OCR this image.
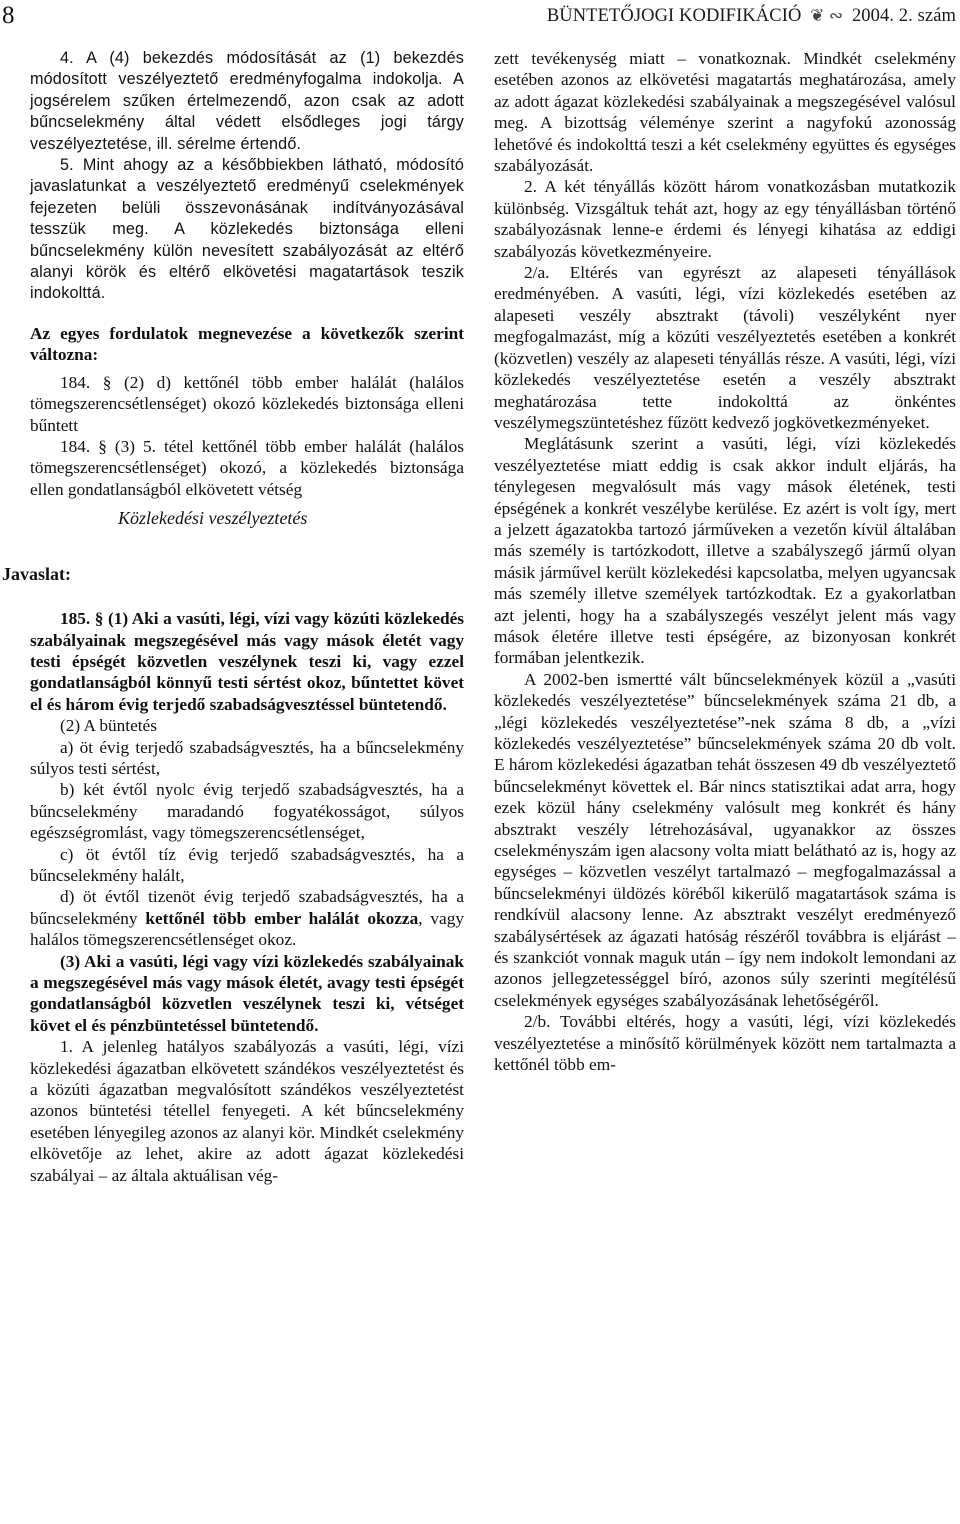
8	BÜNTETŐJOGI KODIFIKÁCIÓ ❦ ∾ 2004. 2. szám

4. A (4) bekezdés módosítását az (1) bekezdés módosított veszélyeztető eredményfogalma indokolja. A jogsérelem szűken értelmezendő, azon csak az adott bűncselekmény által védett elsődleges jogi tárgy veszélyeztetése, ill. sérelme értendő.

5. Mint ahogy az a későbbiekben látható, módosító javaslatunkat a veszélyeztető eredményű cselekmények fejezeten belüli összevonásának indítványozásával tesszük meg. A közlekedés biztonsága elleni bűncselekmény külön nevesített szabályozását az eltérő alanyi körök és eltérő elkövetési magatartások teszik indokolttá.

Az egyes fordulatok megnevezése a következők szerint változna:

184. § (2) d) kettőnél több ember halálát (halálos tömegszerencsétlenséget) okozó közlekedés biztonsága elleni bűntett

184. § (3) 5. tétel kettőnél több ember halálát (halálos tömegszerencsétlenséget) okozó, a közlekedés biztonsága ellen gondatlanságból elkövetett vétség

Közlekedési veszélyeztetés
Javaslat:

185. § (1) Aki a vasúti, légi, vízi vagy közúti közlekedés szabályainak megszegésével más vagy mások életét vagy testi épségét közvetlen veszélynek teszi ki, vagy ezzel gondatlanságból könnyű testi sértést okoz, bűntettet követ el és három évig terjedő szabadságvesztéssel büntetendő.

(2) A büntetés

a) öt évig terjedő szabadságvesztés, ha a bűncselekmény súlyos testi sértést,

b) két évtől nyolc évig terjedő szabadságvesztés, ha a bűncselekmény maradandó fogyatékosságot, súlyos egészségromlást, vagy tömegszerencsétlenséget,

c) öt évtől tíz évig terjedő szabadságvesztés, ha a bűncselekmény halált,

d) öt évtől tizenöt évig terjedő szabadságvesztés, ha a bűncselekmény kettőnél több ember halálát okozza, vagy halálos tömegszerencsétlenséget okoz.

(3) Aki a vasúti, légi vagy vízi közlekedés szabályainak a megszegésével más vagy mások életét, avagy testi épségét gondatlanságból közvetlen veszélynek teszi ki, vétséget követ el és pénzbüntetéssel büntetendő.

1. A jelenleg hatályos szabályozás a vasúti, légi, vízi közlekedési ágazatban elkövetett szándékos veszélyeztetést és a közúti ágazatban megvalósított szándékos veszélyeztetést azonos büntetési tétellel fenyegeti. A két bűncselekmény esetében lényegileg azonos az alanyi kör. Mindkét cselekmény elkövetője az lehet, akire az adott ágazat közlekedési szabályai – az általa aktuálisan vég-

zett tevékenység miatt – vonatkoznak. Mindkét cselekmény esetében azonos az elkövetési magatartás meghatározása, amely az adott ágazat közlekedési szabályainak a megszegésével valósul meg. A bizottság véleménye szerint a nagyfokú azonosság lehetővé és indokolttá teszi a két cselekmény együttes és egységes szabályozását.

2. A két tényállás között három vonatkozásban mutatkozik különbség. Vizsgáltuk tehát azt, hogy az egy tényállásban történő szabályozásnak lenne-e érdemi és lényegi kihatása az eddigi szabályozás következményeire.

2/a. Eltérés van egyrészt az alapeseti tényállások eredményében. A vasúti, légi, vízi közlekedés esetében az alapeseti veszély absztrakt (távoli) veszélyként nyer megfogalmazást, míg a közúti veszélyeztetés esetében a konkrét (közvetlen) veszély az alapeseti tényállás része. A vasúti, légi, vízi közlekedés veszélyeztetése esetén a veszély absztrakt meghatározása tette indokolttá az önkéntes veszélymegszüntetéshez fűzött kedvező jogkövetkezményeket.

Meglátásunk szerint a vasúti, légi, vízi közlekedés veszélyeztetése miatt eddig is csak akkor indult eljárás, ha ténylegesen megvalósult más vagy mások életének, testi épségének a konkrét veszélybe kerülése. Ez azért is volt így, mert a jelzett ágazatokba tartozó járműveken a vezetőn kívül általában más személy is tartózkodott, illetve a szabályszegő jármű olyan másik járművel került közlekedési kapcsolatba, melyen ugyancsak más személy illetve személyek tartózkodtak. Ez a gyakorlatban azt jelenti, hogy ha a szabályszegés veszélyt jelent más vagy mások életére illetve testi épségére, az bizonyosan konkrét formában jelentkezik.

A 2002-ben ismertté vált bűncselekmények közül a „vasúti közlekedés veszélyeztetése” bűncselekmények száma 21 db, a „légi közlekedés veszélyeztetése”-nek száma 8 db, a „vízi közlekedés veszélyeztetése” bűncselekmények száma 20 db volt. E három közlekedési ágazatban tehát összesen 49 db veszélyeztető bűncselekményt követtek el. Bár nincs statisztikai adat arra, hogy ezek közül hány cselekmény valósult meg konkrét és hány absztrakt veszély létrehozásával, ugyanakkor az összes cselekményszám igen alacsony volta miatt belátható az is, hogy az egységes – közvetlen veszélyt tartalmazó – megfogalmazással a bűncselekményi üldözés köréből kikerülő magatartások száma is rendkívül alacsony lenne. Az absztrakt veszélyt eredményező szabálysértések az ágazati hatóság részéről továbbra is eljárást – és szankciót vonnak maguk után – így nem indokolt lemondani az azonos jellegzetességgel bíró, azonos súly szerinti megítélésű cselekmények egységes szabályozásának lehetőségéről.

2/b. További eltérés, hogy a vasúti, légi, vízi közlekedés veszélyeztetése a minősítő körülmények között nem tartalmazta a kettőnél több em-
